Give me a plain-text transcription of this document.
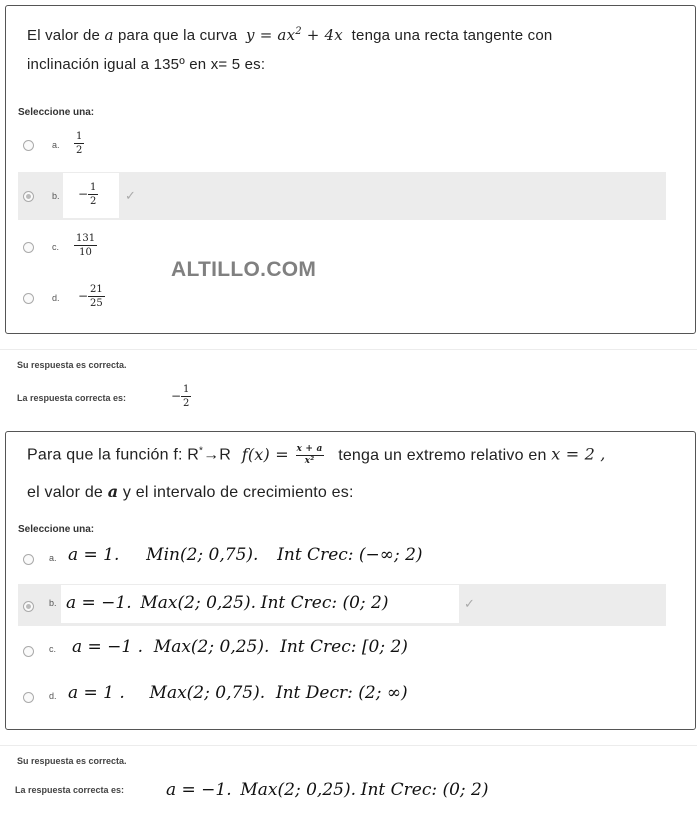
El valor de a para que la curva $y = ax^2 + 4x$ tenga una recta tangente con
inclinación igual a 135º en x= 5 es:
Seleccione una:
a. $\frac{1}{2}$
b. − $\frac{1}{2}$ ✓
c. $\frac{131}{10}$
d. − $\frac{21}{25}$
ALTILLO.COM
Su respuesta es correcta.
La respuesta correcta es:	− $\frac{1}{2}$
Para que la función f: R*→R $f(x) = \frac{x + a}{\text{x²}}$ tenga un extremo relativo en x = 2 ,
el valor de a y el intervalo de crecimiento es:
Seleccione una:
a. a = 1. Min(2; 0,75). Int Crec: (−∞; 2)
b. a = −1. Max(2; 0,25). Int Crec: (0; 2)	✓
c. a = −1 . Max(2; 0,25). Int Crec: [0; 2)
d. a = 1 . Max(2; 0,75). Int Decr: (2; ∞)
Su respuesta es correcta.
La respuesta correcta es: a = −1. Max(2; 0,25). Int Crec: (0; 2)
